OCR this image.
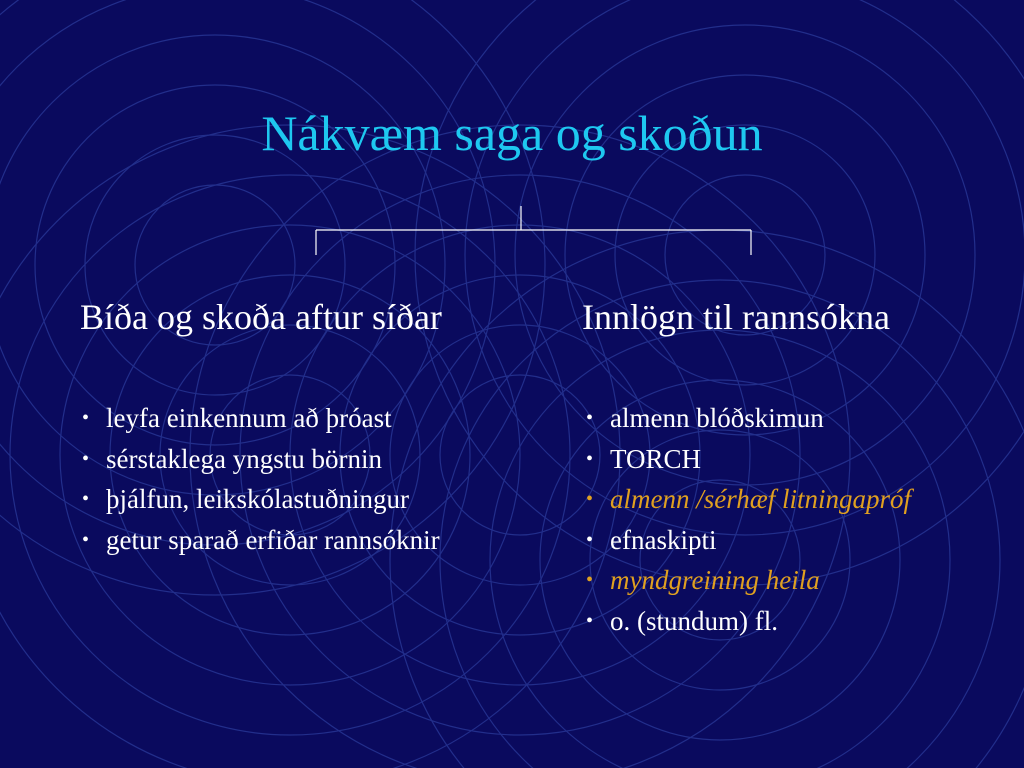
Nákvæm saga og skoðun
Bíða og skoða aftur síðar	Innlögn til rannsókna
• leyfa einkennum að þróast
• sérstaklega yngstu börnin
• þjálfun, leikskólastuðningur
• getur sparað erfiðar rannsóknir
• almenn blóðskimun
• TORCH
• almenn /sérhæf litningapróf
• efnaskipti
• myndgreining heila
• o. (stundum) fl.
